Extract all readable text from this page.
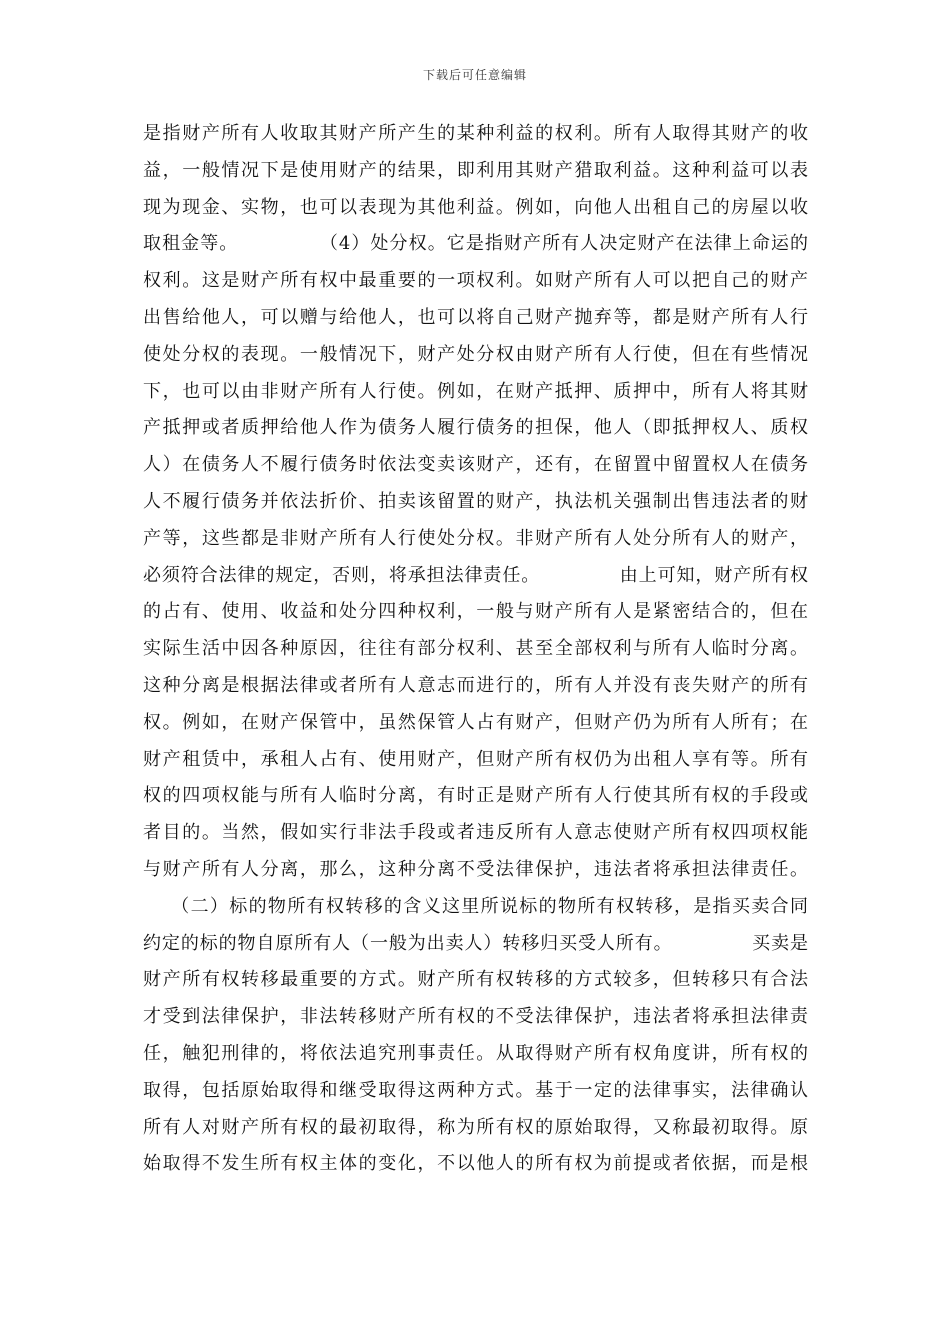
下载后可任意编辑
是指财产所有人收取其财产所产生的某种利益的权利。所有人取得其财产的收
益，一般情况下是使用财产的结果，即利用其财产猎取利益。这种利益可以表
现为现金、实物，也可以表现为其他利益。例如，向他人出租自己的房屋以收
取租金等。            （4）处分权。它是指财产所有人决定财产在法律上命运的
权利。这是财产所有权中最重要的一项权利。如财产所有人可以把自己的财产
出售给他人，可以赠与给他人，也可以将自己财产抛弃等，都是财产所有人行
使处分权的表现。一般情况下，财产处分权由财产所有人行使，但在有些情况
下，也可以由非财产所有人行使。例如，在财产抵押、质押中，所有人将其财
产抵押或者质押给他人作为债务人履行债务的担保，他人（即抵押权人、质权
人）在债务人不履行债务时依法变卖该财产，还有，在留置中留置权人在债务
人不履行债务并依法折价、拍卖该留置的财产，执法机关强制出售违法者的财
产等，这些都是非财产所有人行使处分权。非财产所有人处分所有人的财产，
必须符合法律的规定，否则，将承担法律责任。            由上可知，财产所有权
的占有、使用、收益和处分四种权利，一般与财产所有人是紧密结合的，但在
实际生活中因各种原因，往往有部分权利、甚至全部权利与所有人临时分离。
这种分离是根据法律或者所有人意志而进行的，所有人并没有丧失财产的所有
权。例如，在财产保管中，虽然保管人占有财产，但财产仍为所有人所有；在
财产租赁中，承租人占有、使用财产，但财产所有权仍为出租人享有等。所有
权的四项权能与所有人临时分离，有时正是财产所有人行使其所有权的手段或
者目的。当然，假如实行非法手段或者违反所有人意志使财产所有权四项权能
与财产所有人分离，那么，这种分离不受法律保护，违法者将承担法律责任。
（二）标的物所有权转移的含义这里所说标的物所有权转移，是指买卖合同
约定的标的物自原所有人（一般为出卖人）转移归买受人所有。            买卖是
财产所有权转移最重要的方式。财产所有权转移的方式较多，但转移只有合法
才受到法律保护，非法转移财产所有权的不受法律保护，违法者将承担法律责
任，触犯刑律的，将依法追究刑事责任。从取得财产所有权角度讲，所有权的
取得，包括原始取得和继受取得这两种方式。基于一定的法律事实，法律确认
所有人对财产所有权的最初取得，称为所有权的原始取得，又称最初取得。原
始取得不发生所有权主体的变化，不以他人的所有权为前提或者依据，而是根
